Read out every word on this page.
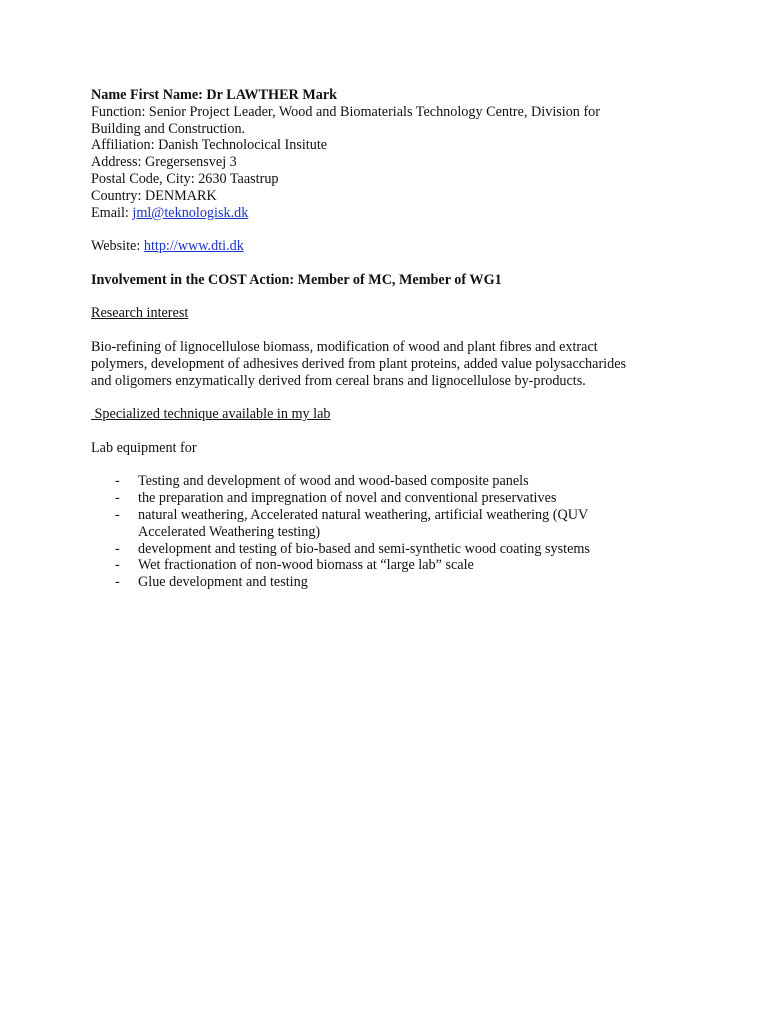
Name First Name: Dr LAWTHER Mark

Function: Senior Project Leader, Wood and Biomaterials Technology Centre, Division for

Building and Construction.

Affiliation: Danish Technolocical Insitute

Address: Gregersensvej 3

Postal Code, City: 2630 Taastrup

Country: DENMARK

Email: jml@teknologisk.dk

Website: http://www.dti.dk

Involvement in the COST Action: Member of MC, Member of WG1

Research interest

Bio-refining of lignocellulose biomass, modification of wood and plant fibres and extract

polymers, development of adhesives derived from plant proteins, added value polysaccharides

and oligomers enzymatically derived from cereal brans and lignocellulose by-products.

Specialized technique available in my lab

Lab equipment for

- Testing and development of wood and wood-based composite panels
- the preparation and impregnation of novel and conventional preservatives
- natural weathering, Accelerated natural weathering, artificial weathering (QUV
Accelerated Weathering testing)
- development and testing of bio-based and semi-synthetic wood coating systems
- Wet fractionation of non-wood biomass at “large lab” scale
- Glue development and testing
